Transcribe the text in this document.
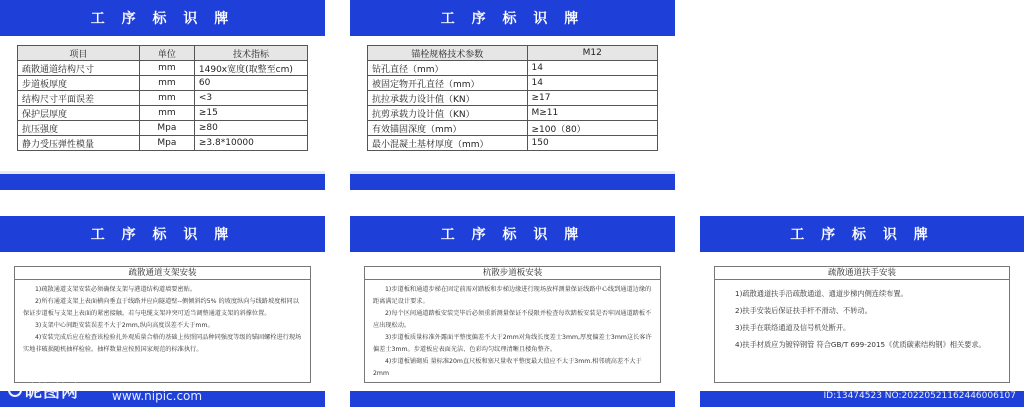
工 序 标 识 牌
项目	单位	技术指标
疏散通道结构尺寸	mm	1490x宽度(取整至cm)
步道板厚度	mm	60
结构尺寸平面误差	mm	<3
保护层厚度	mm	≥15
抗压强度	Mpa	≥80
静力受压弹性模量	Mpa	≥3.8*10000
工 序 标 识 牌
锚栓规格技术参数	M12
钻孔直径（mm）	14
被固定物开孔直径（mm）	14
抗拉承载力设计值（KN）	≥17
抗剪承载力设计值（KN）	M≥11
有效锚固深度（mm）	≥100（80）
最小混凝土基材厚度（mm）	150
工 序 标 识 牌
疏散通道支架安装

1)疏散通道支架安装必须确保支架与港道结构道墙要密贴。

2)所有通道支架上表面横向垂直于线路并应向隧道壁--侧倾斜约5% 的坡度纵向与线路坡度相同以保证步道板与支架上表面的紧密接触。若与电缆支架冲突可适当调整通道支架的斜撑位置。

3)支架中心间距安装误差不大于2mm,纵向高度误差不大于mm。

4)安装完成后应在检查该检验扎外观质量合格的基础上按照同品种同强度等级的锚固螺栓进行现场实地非破损随机抽样检验。抽样数量应按照国家规范的标准执行。

昵图网	www.nipic.com
工 序 标 识 牌
杭散步道板安装

1)步道板和通道步梯在固定前需对踏板和步梯边缘进行现场放样测量保证线路中心线到通道边缘的距离满足设计要求。

2)每个区间通道踏板安装完毕后必须重新测量保证不侵限并检查每坎踏板安装是否牢固通道踏板不应出现松动。

3)步道板质量标准外露面平整度偏差不大于2mm对角线长度差士3mm,厚度偏差士3mm这长客许偏差士3mm。步道板应表面光洁、色彩均匀纹理清晰且楼角整齐。

4)步道板铺砌质 量标准20m直尺板和塞尺量收平整度最大值应不太于3mm.相邻琥高差不大于2mm

工 序 标 识 牌
疏散通道扶手安装

1)疏散通道扶手沿疏散通道、通道步梯内侧连续布置。

2)扶手安装后保证扶手杆不滑动、不转动。

3)扶手在联络通道及信号机处断开。

4)扶手材质应为镀锌钢管 符合GB/T 699-2015《优质碳素结构钢》相关要求。

ID:13474523 NO:20220521162446006107
